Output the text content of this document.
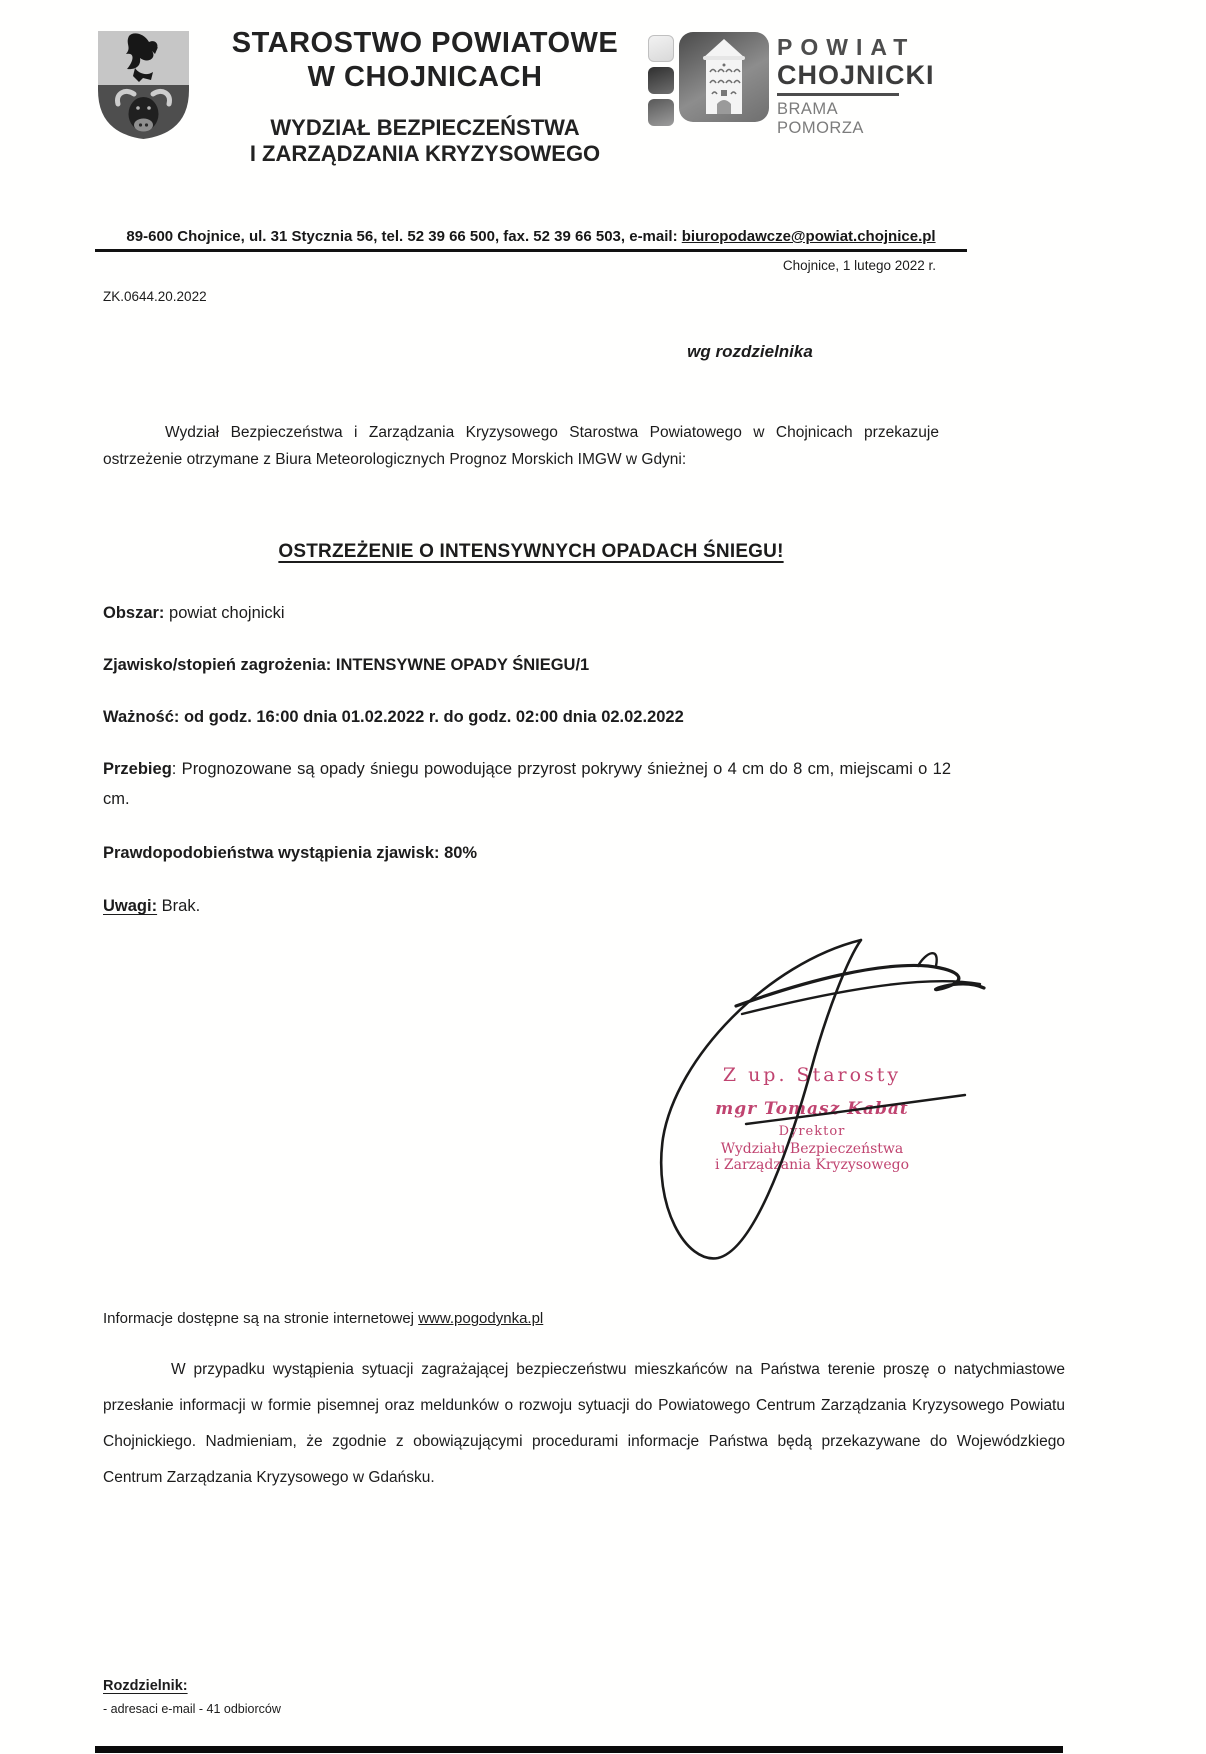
STAROSTWO POWIATOWE
W CHOJNICACH
WYDZIAŁ BEZPIECZEŃSTWA
I ZARZĄDZANIA KRYZYSOWEGO
POWIAT
CHOJNICKI
BRAMA POMORZA
89-600 Chojnice, ul. 31 Stycznia 56, tel. 52 39 66 500, fax. 52 39 66 503, e-mail: biuropodawcze@powiat.chojnice.pl
Chojnice, 1 lutego 2022 r.
ZK.0644.20.2022
wg rozdzielnika

Wydział Bezpieczeństwa i Zarządzania Kryzysowego Starostwa Powiatowego w Chojnicach przekazuje ostrzeżenie otrzymane z Biura Meteorologicznych Prognoz Morskich IMGW w Gdyni:

OSTRZEŻENIE O INTENSYWNYCH OPADACH ŚNIEGU!

Obszar: powiat chojnicki

Zjawisko/stopień zagrożenia: INTENSYWNE OPADY ŚNIEGU/1

Ważność: od godz. 16:00 dnia 01.02.2022 r. do godz. 02:00 dnia 02.02.2022

Przebieg: Prognozowane są opady śniegu powodujące przyrost pokrywy śnieżnej o 4 cm do 8 cm, miejscami o 12 cm.

Prawdopodobieństwa wystąpienia zjawisk: 80%

Uwagi: Brak.

Z up. Starosty
mgr Tomasz Kabat
Dyrektor
Wydziału Bezpieczeństwa
i Zarządzania Kryzysowego

Informacje dostępne są na stronie internetowej www.pogodynka.pl

W przypadku wystąpienia sytuacji zagrażającej bezpieczeństwu mieszkańców na Państwa terenie proszę o natychmiastowe przesłanie informacji w formie pisemnej oraz meldunków o rozwoju sytuacji do Powiatowego Centrum Zarządzania Kryzysowego Powiatu Chojnickiego. Nadmieniam, że zgodnie z obowiązującymi procedurami informacje Państwa będą przekazywane do Wojewódzkiego Centrum Zarządzania Kryzysowego w Gdańsku.

Rozdzielnik:
- adresaci e-mail - 41 odbiorców
